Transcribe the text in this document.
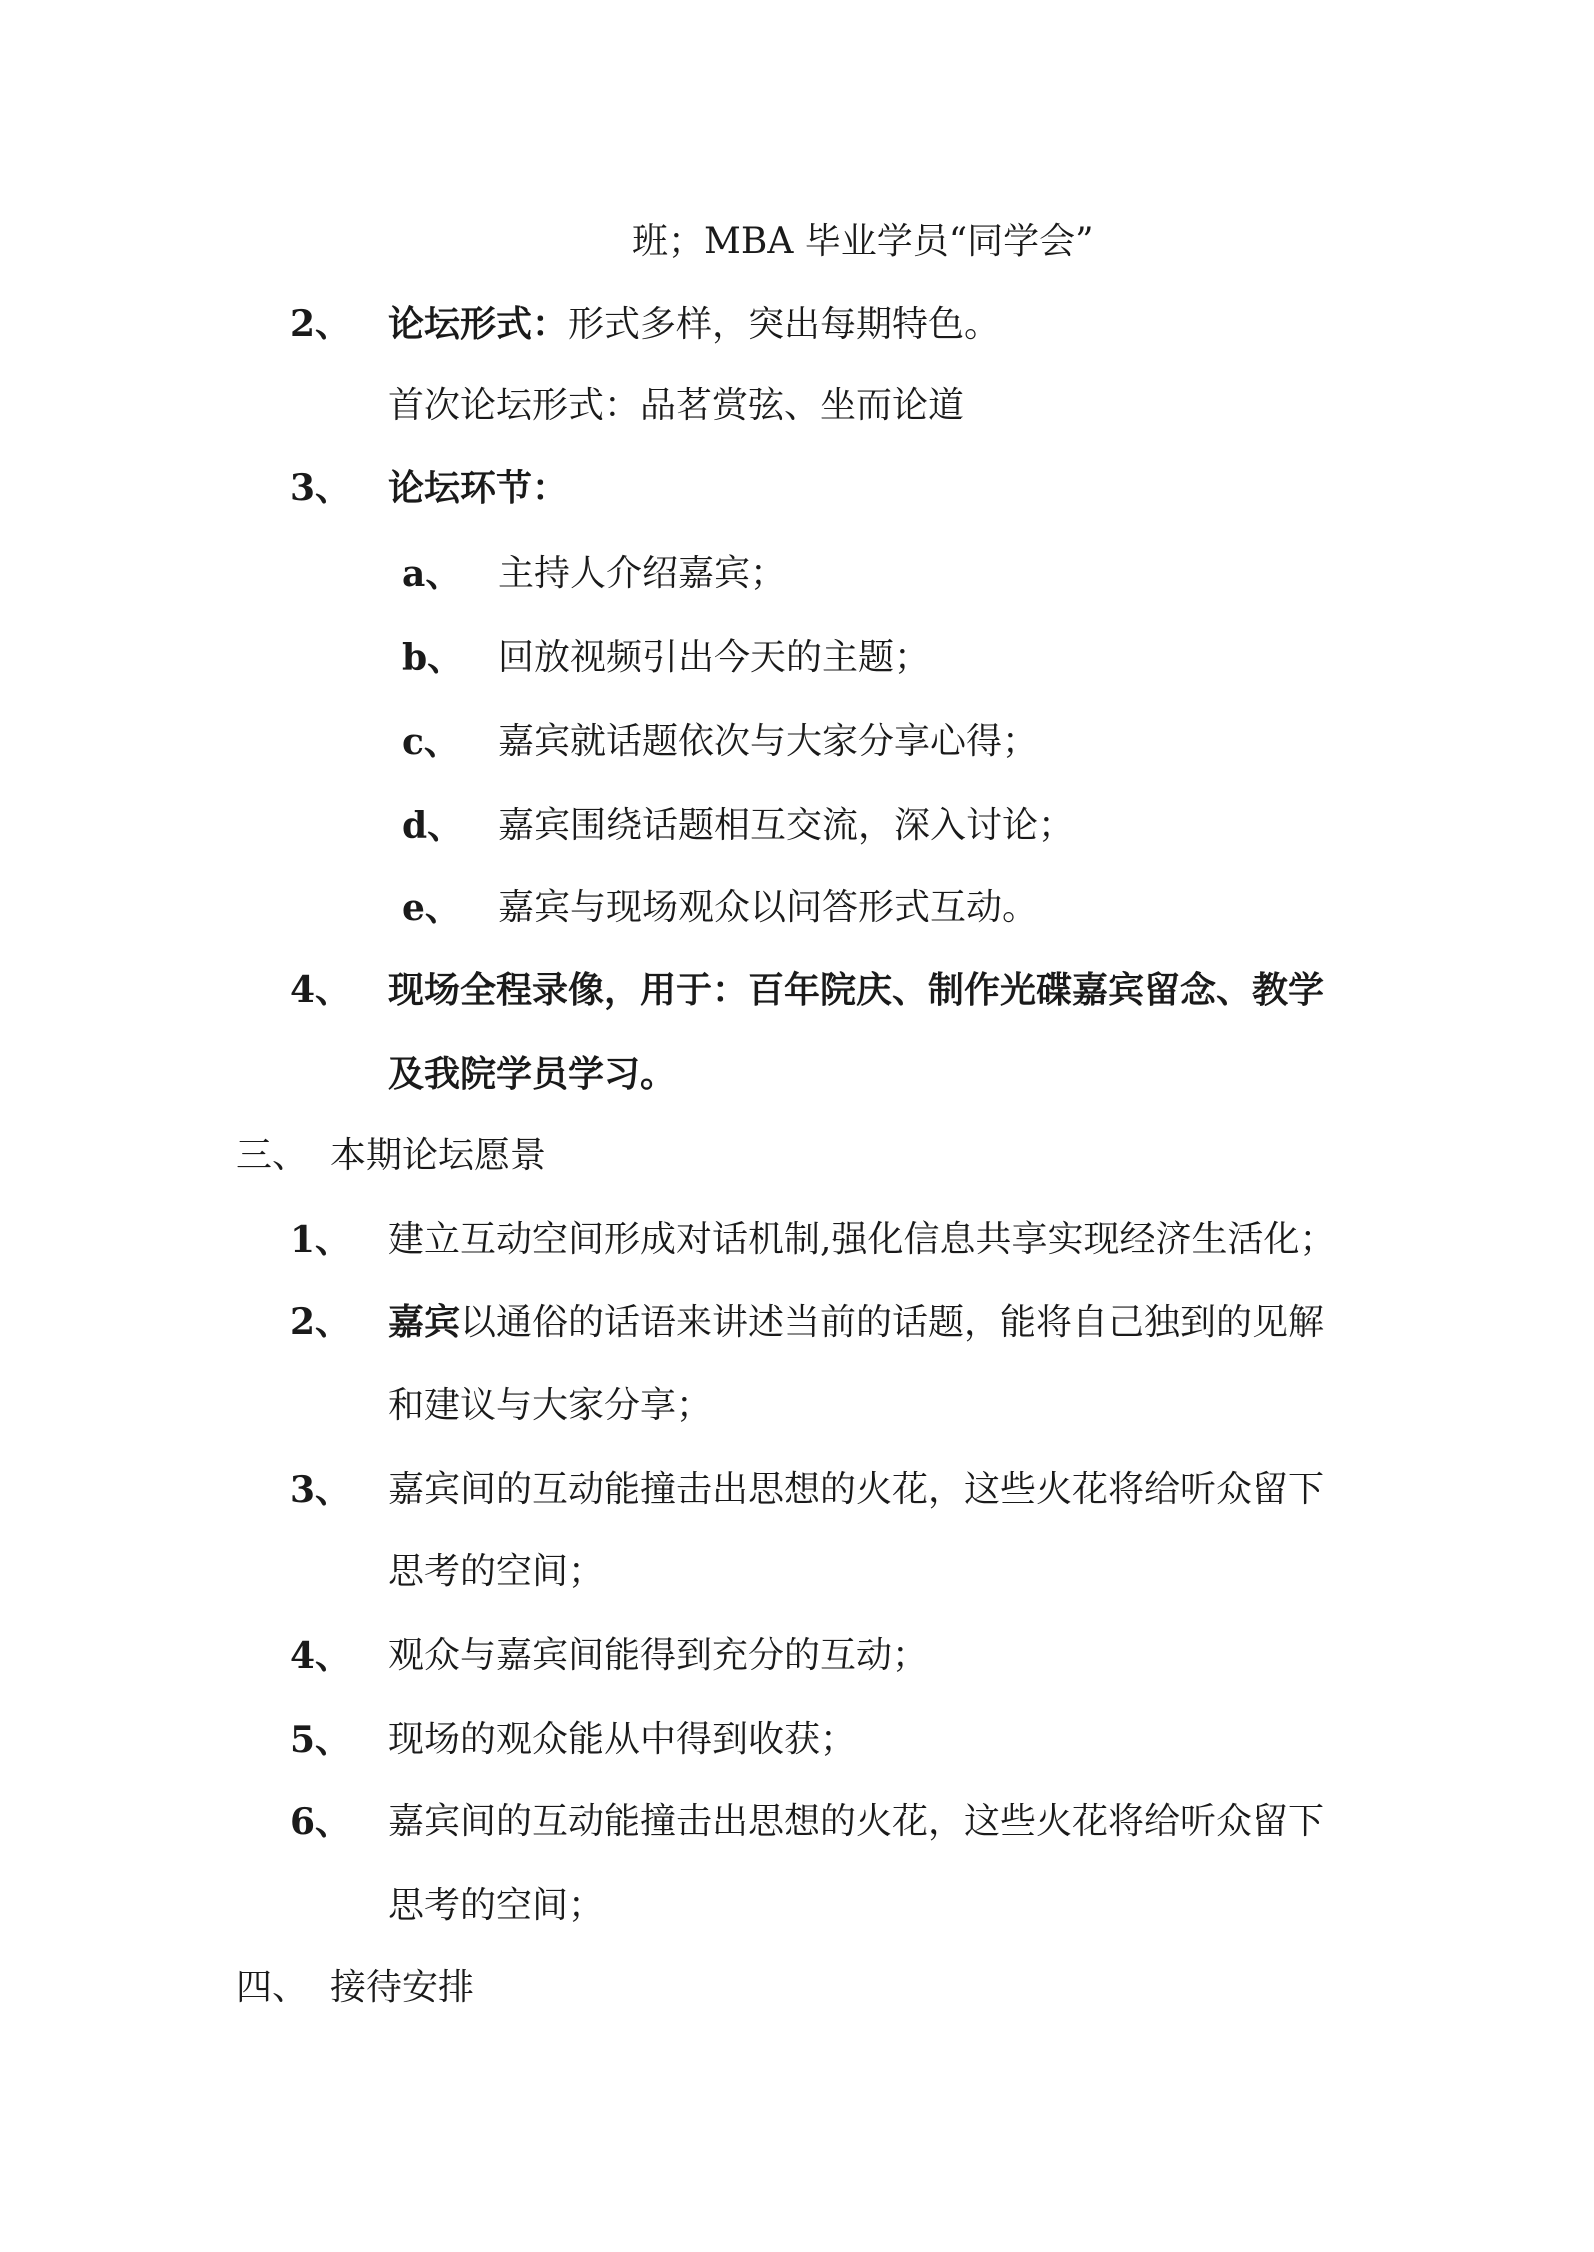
班；MBA 毕业学员“同学会”
2、 论坛形式：形式多样，突出每期特色。
首次论坛形式：品茗赏弦、坐而论道
3、 论坛环节：
a、 主持人介绍嘉宾；
b、 回放视频引出今天的主题；
c、 嘉宾就话题依次与大家分享心得；
d、 嘉宾围绕话题相互交流，深入讨论；
e、 嘉宾与现场观众以问答形式互动。
4、 现场全程录像，用于：百年院庆、制作光碟嘉宾留念、教学
及我院学员学习。
三、 本期论坛愿景
1、 建立互动空间形成对话机制,强化信息共享实现经济生活化；
2、 嘉宾以通俗的话语来讲述当前的话题，能将自己独到的见解
和建议与大家分享；
3、 嘉宾间的互动能撞击出思想的火花，这些火花将给听众留下
思考的空间；
4、 观众与嘉宾间能得到充分的互动；
5、 现场的观众能从中得到收获；
6、 嘉宾间的互动能撞击出思想的火花，这些火花将给听众留下
思考的空间；
四、 接待安排
